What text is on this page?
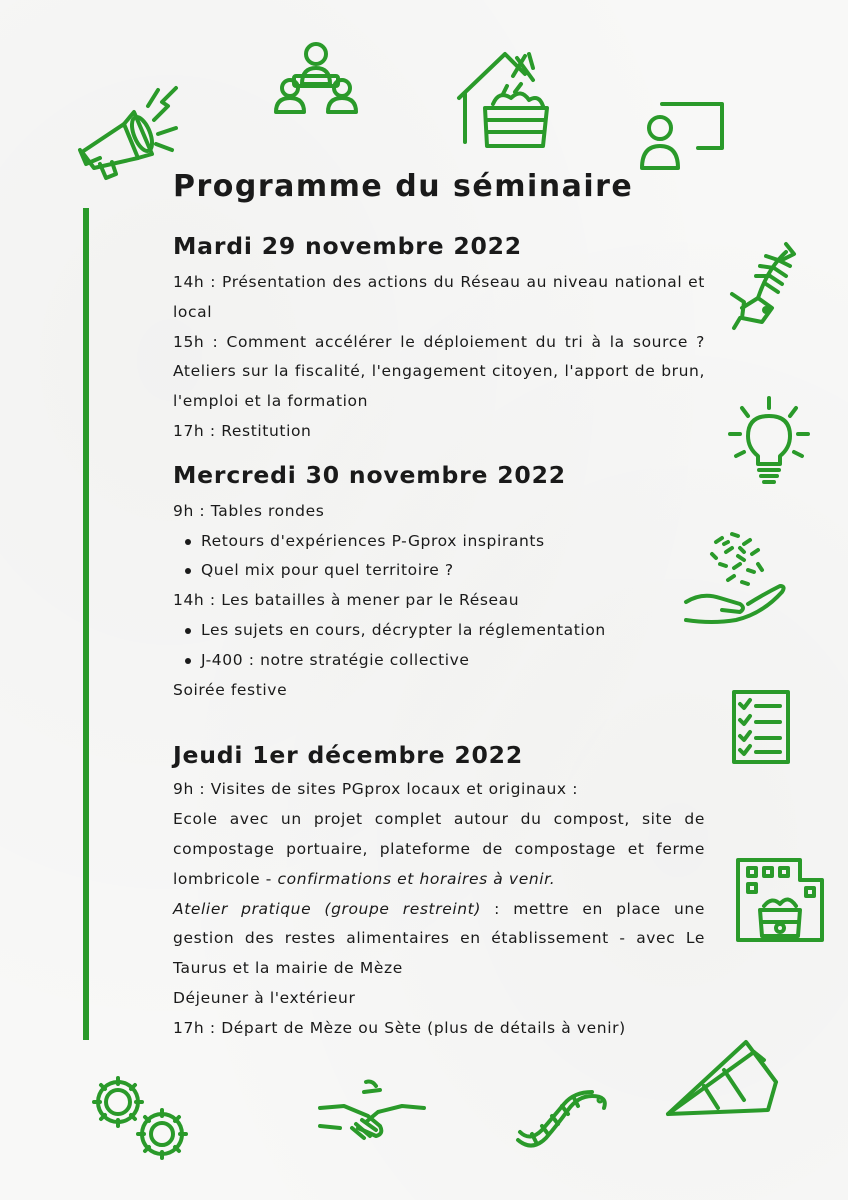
Programme du séminaire
Mardi 29 novembre 2022

14h : Présentation des actions du Réseau au niveau national et local

15h : Comment accélérer le déploiement du tri à la source ? Ateliers sur la fiscalité, l'engagement citoyen, l'apport de brun, l'emploi et la formation

17h : Restitution

Mercredi 30 novembre 2022

9h : Tables rondes

Retours d'expériences P-Gprox inspirants
Quel mix pour quel territoire ?

14h : Les batailles à mener par le Réseau

Les sujets en cours, décrypter la réglementation
J-400 : notre stratégie collective

Soirée festive

Jeudi 1er décembre 2022

9h : Visites de sites PGprox locaux et originaux :

Ecole avec un projet complet autour du compost, site de compostage portuaire, plateforme de compostage et ferme lombricole - confirmations et horaires à venir.

Atelier pratique (groupe restreint) : mettre en place une gestion des restes alimentaires en établissement - avec Le Taurus et la mairie de Mèze

Déjeuner à l'extérieur

17h : Départ de Mèze ou Sète (plus de détails à venir)
